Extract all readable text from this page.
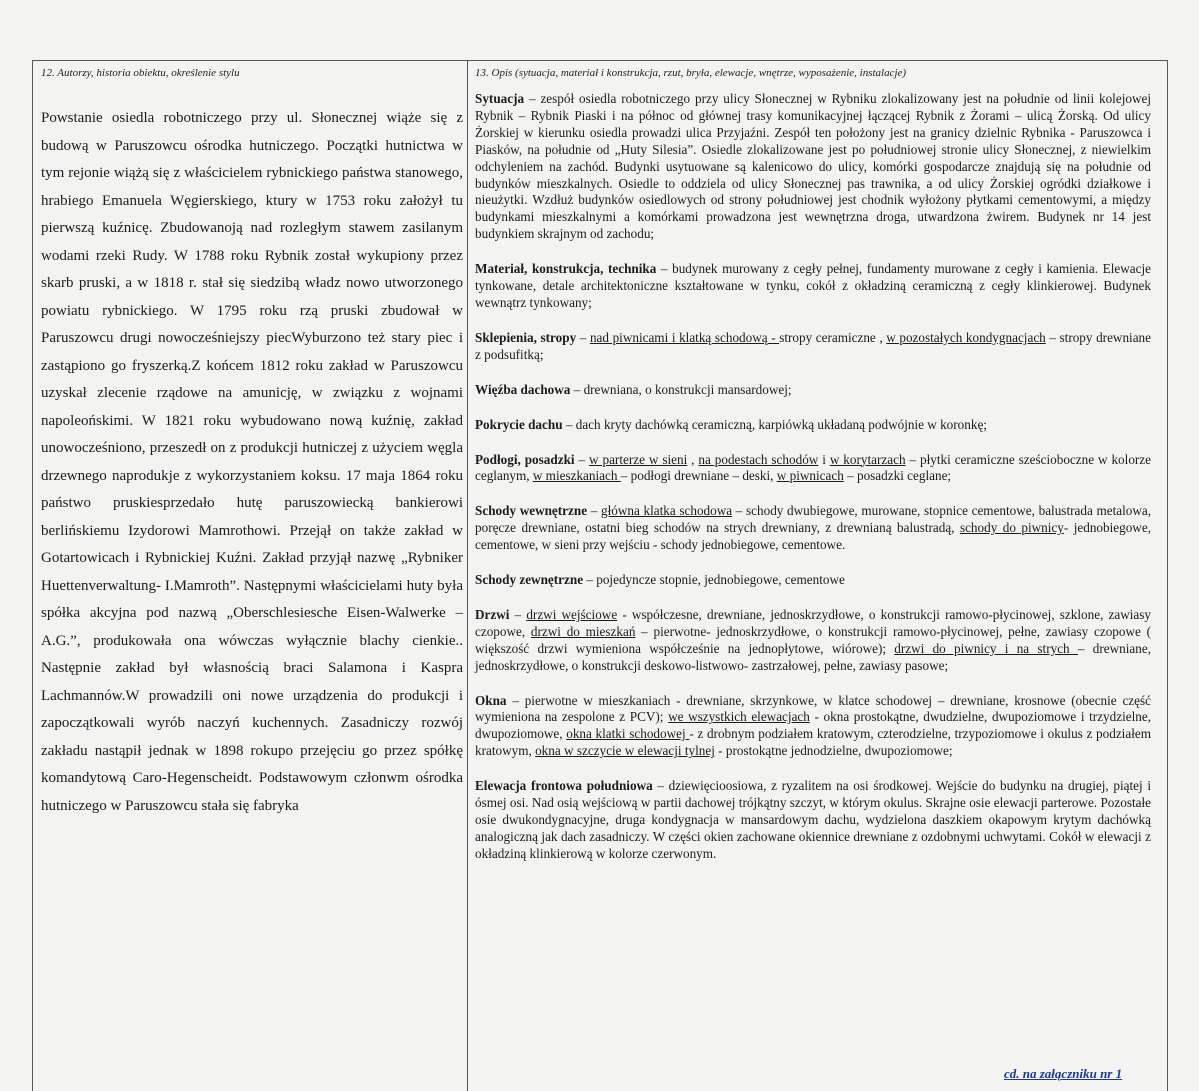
12. Autorzy, historia obiektu, określenie stylu	13. Opis (sytuacja, materiał i konstrukcja, rzut, bryła, elewacje, wnętrze, wyposażenie, instalacje)
Powstanie osiedla robotniczego przy ul. Słonecznej wiąże się z budową w Paruszowcu ośrodka hutniczego. Początki hutnictwa w tym rejonie wiążą się z właścicielem rybnickiego państwa stanowego, hrabiego Emanuela Węgierskiego, ktury w 1753 roku założył tu pierwszą kuźnicę. Zbudowanoją nad rozległym stawem zasilanym wodami rzeki Rudy. W 1788 roku Rybnik został wykupiony przez skarb pruski, a w 1818 r. stał się siedzibą władz nowo utworzonego powiatu rybnickiego. W 1795 roku rzą pruski zbudował w Paruszowcu drugi nowocześniejszy piecWyburzono też stary piec i zastąpiono go fryszerką.Z końcem 1812 roku zakład w Paruszowcu uzyskał zlecenie rządowe na amunicję, w związku z wojnami napoleońskimi. W 1821 roku wybudowano nową kuźnię, zakład unowocześniono, przeszedł on z produkcji hutniczej z użyciem węgla drzewnego naprodukje z wykorzystaniem koksu. 17 maja 1864 roku państwo pruskiesprzedało hutę paruszowiecką bankierowi berlińskiemu Izydorowi Mamrothowi. Przejął on także zakład w Gotartowicach i Rybnickiej Kuźni. Zakład przyjął nazwę „Rybniker Huettenverwaltung- I.Mamroth”. Następnymi właścicielami huty była spółka akcyjna pod nazwą „Oberschlesiesche Eisen-Walwerke – A.G.”, produkowała ona wówczas wyłącznie blachy cienkie.. Następnie zakład był własnością braci Salamona i Kaspra Lachmannów.W prowadzili oni nowe urządzenia do produkcji i zapoczątkowali wyrób naczyń kuchennych. Zasadniczy rozwój zakładu nastąpił jednak w 1898 rokupo przejęciu go przez spółkę komandytową Caro-Hegenscheidt. Podstawowym członwm ośrodka hutniczego w Paruszowcu stała się fabryka

Sytuacja – zespół osiedla robotniczego przy ulicy Słonecznej w Rybniku zlokalizowany jest na południe od linii kolejowej Rybnik – Rybnik Piaski i na północ od głównej trasy komunikacyjnej łączącej Rybnik z Żorami – ulicą Żorską. Od ulicy Żorskiej w kierunku osiedla prowadzi ulica Przyjaźni. Zespół ten położony jest na granicy dzielnic Rybnika - Paruszowca i Piasków, na południe od „Huty Silesia”. Osiedle zlokalizowane jest po południowej stronie ulicy Słonecznej, z niewielkim odchyleniem na zachód. Budynki usytuowane są kalenicowo do ulicy, komórki gospodarcze znajdują się na południe od budynków mieszkalnych. Osiedle to oddziela od ulicy Słonecznej pas trawnika, a od ulicy Żorskiej ogródki działkowe i nieużytki. Wzdłuż budynków osiedlowych od strony południowej jest chodnik wyłożony płytkami cementowymi, a między budynkami mieszkalnymi a komórkami prowadzona jest wewnętrzna droga, utwardzona żwirem. Budynek nr 14 jest budynkiem skrajnym od zachodu;

Materiał, konstrukcja, technika – budynek murowany z cegły pełnej, fundamenty murowane z cegły i kamienia. Elewacje tynkowane, detale architektoniczne kształtowane w tynku, cokół z okładziną ceramiczną z cegły klinkierowej. Budynek wewnątrz tynkowany;

Sklepienia, stropy – nad piwnicami i klatką schodową - stropy ceramiczne , w pozostałych kondygnacjach – stropy drewniane z podsufitką;

Więźba dachowa – drewniana, o konstrukcji mansardowej;

Pokrycie dachu – dach kryty dachówką ceramiczną, karpiówką układaną podwójnie w koronkę;

Podłogi, posadzki – w parterze w sieni , na podestach schodów i w korytarzach – płytki ceramiczne sześcioboczne w kolorze ceglanym, w mieszkaniach – podłogi drewniane – deski, w piwnicach – posadzki ceglane;

Schody wewnętrzne – główna klatka schodowa – schody dwubiegowe, murowane, stopnice cementowe, balustrada metalowa, poręcze drewniane, ostatni bieg schodów na strych drewniany, z drewnianą balustradą, schody do piwnicy- jednobiegowe, cementowe, w sieni przy wejściu - schody jednobiegowe, cementowe.

Schody zewnętrzne – pojedyncze stopnie, jednobiegowe, cementowe

Drzwi – drzwi wejściowe - współczesne, drewniane, jednoskrzydłowe, o konstrukcji ramowo-płycinowej, szklone, zawiasy czopowe, drzwi do mieszkań – pierwotne- jednoskrzydłowe, o konstrukcji ramowo-płycinowej, pełne, zawiasy czopowe ( większość drzwi wymieniona współcześnie na jednopłytowe, wiórowe); drzwi do piwnicy i na strych – drewniane, jednoskrzydłowe, o konstrukcji deskowo-listwowo- zastrzałowej, pełne, zawiasy pasowe;

Okna – pierwotne w mieszkaniach - drewniane, skrzynkowe, w klatce schodowej – drewniane, krosnowe (obecnie część wymieniona na zespolone z PCV); we wszystkich elewacjach - okna prostokątne, dwudzielne, dwupoziomowe i trzydzielne, dwupoziomowe, okna klatki schodowej - z drobnym podziałem kratowym, czterodzielne, trzypoziomowe i okulus z podziałem kratowym, okna w szczycie w elewacji tylnej - prostokątne jednodzielne, dwupoziomowe;

Elewacja frontowa południowa – dziewięcioosiowa, z ryzalitem na osi środkowej. Wejście do budynku na drugiej, piątej i ósmej osi. Nad osią wejściową w partii dachowej trójkątny szczyt, w którym okulus. Skrajne osie elewacji parterowe. Pozostałe osie dwukondygnacyjne, druga kondygnacja w mansardowym dachu, wydzielona daszkiem okapowym krytym dachówką analogiczną jak dach zasadniczy. W części okien zachowane okiennice drewniane z ozdobnymi uchwytami. Cokół w elewacji z okładziną klinkierową w kolorze czerwonym.

cd. na załączniku nr 1
